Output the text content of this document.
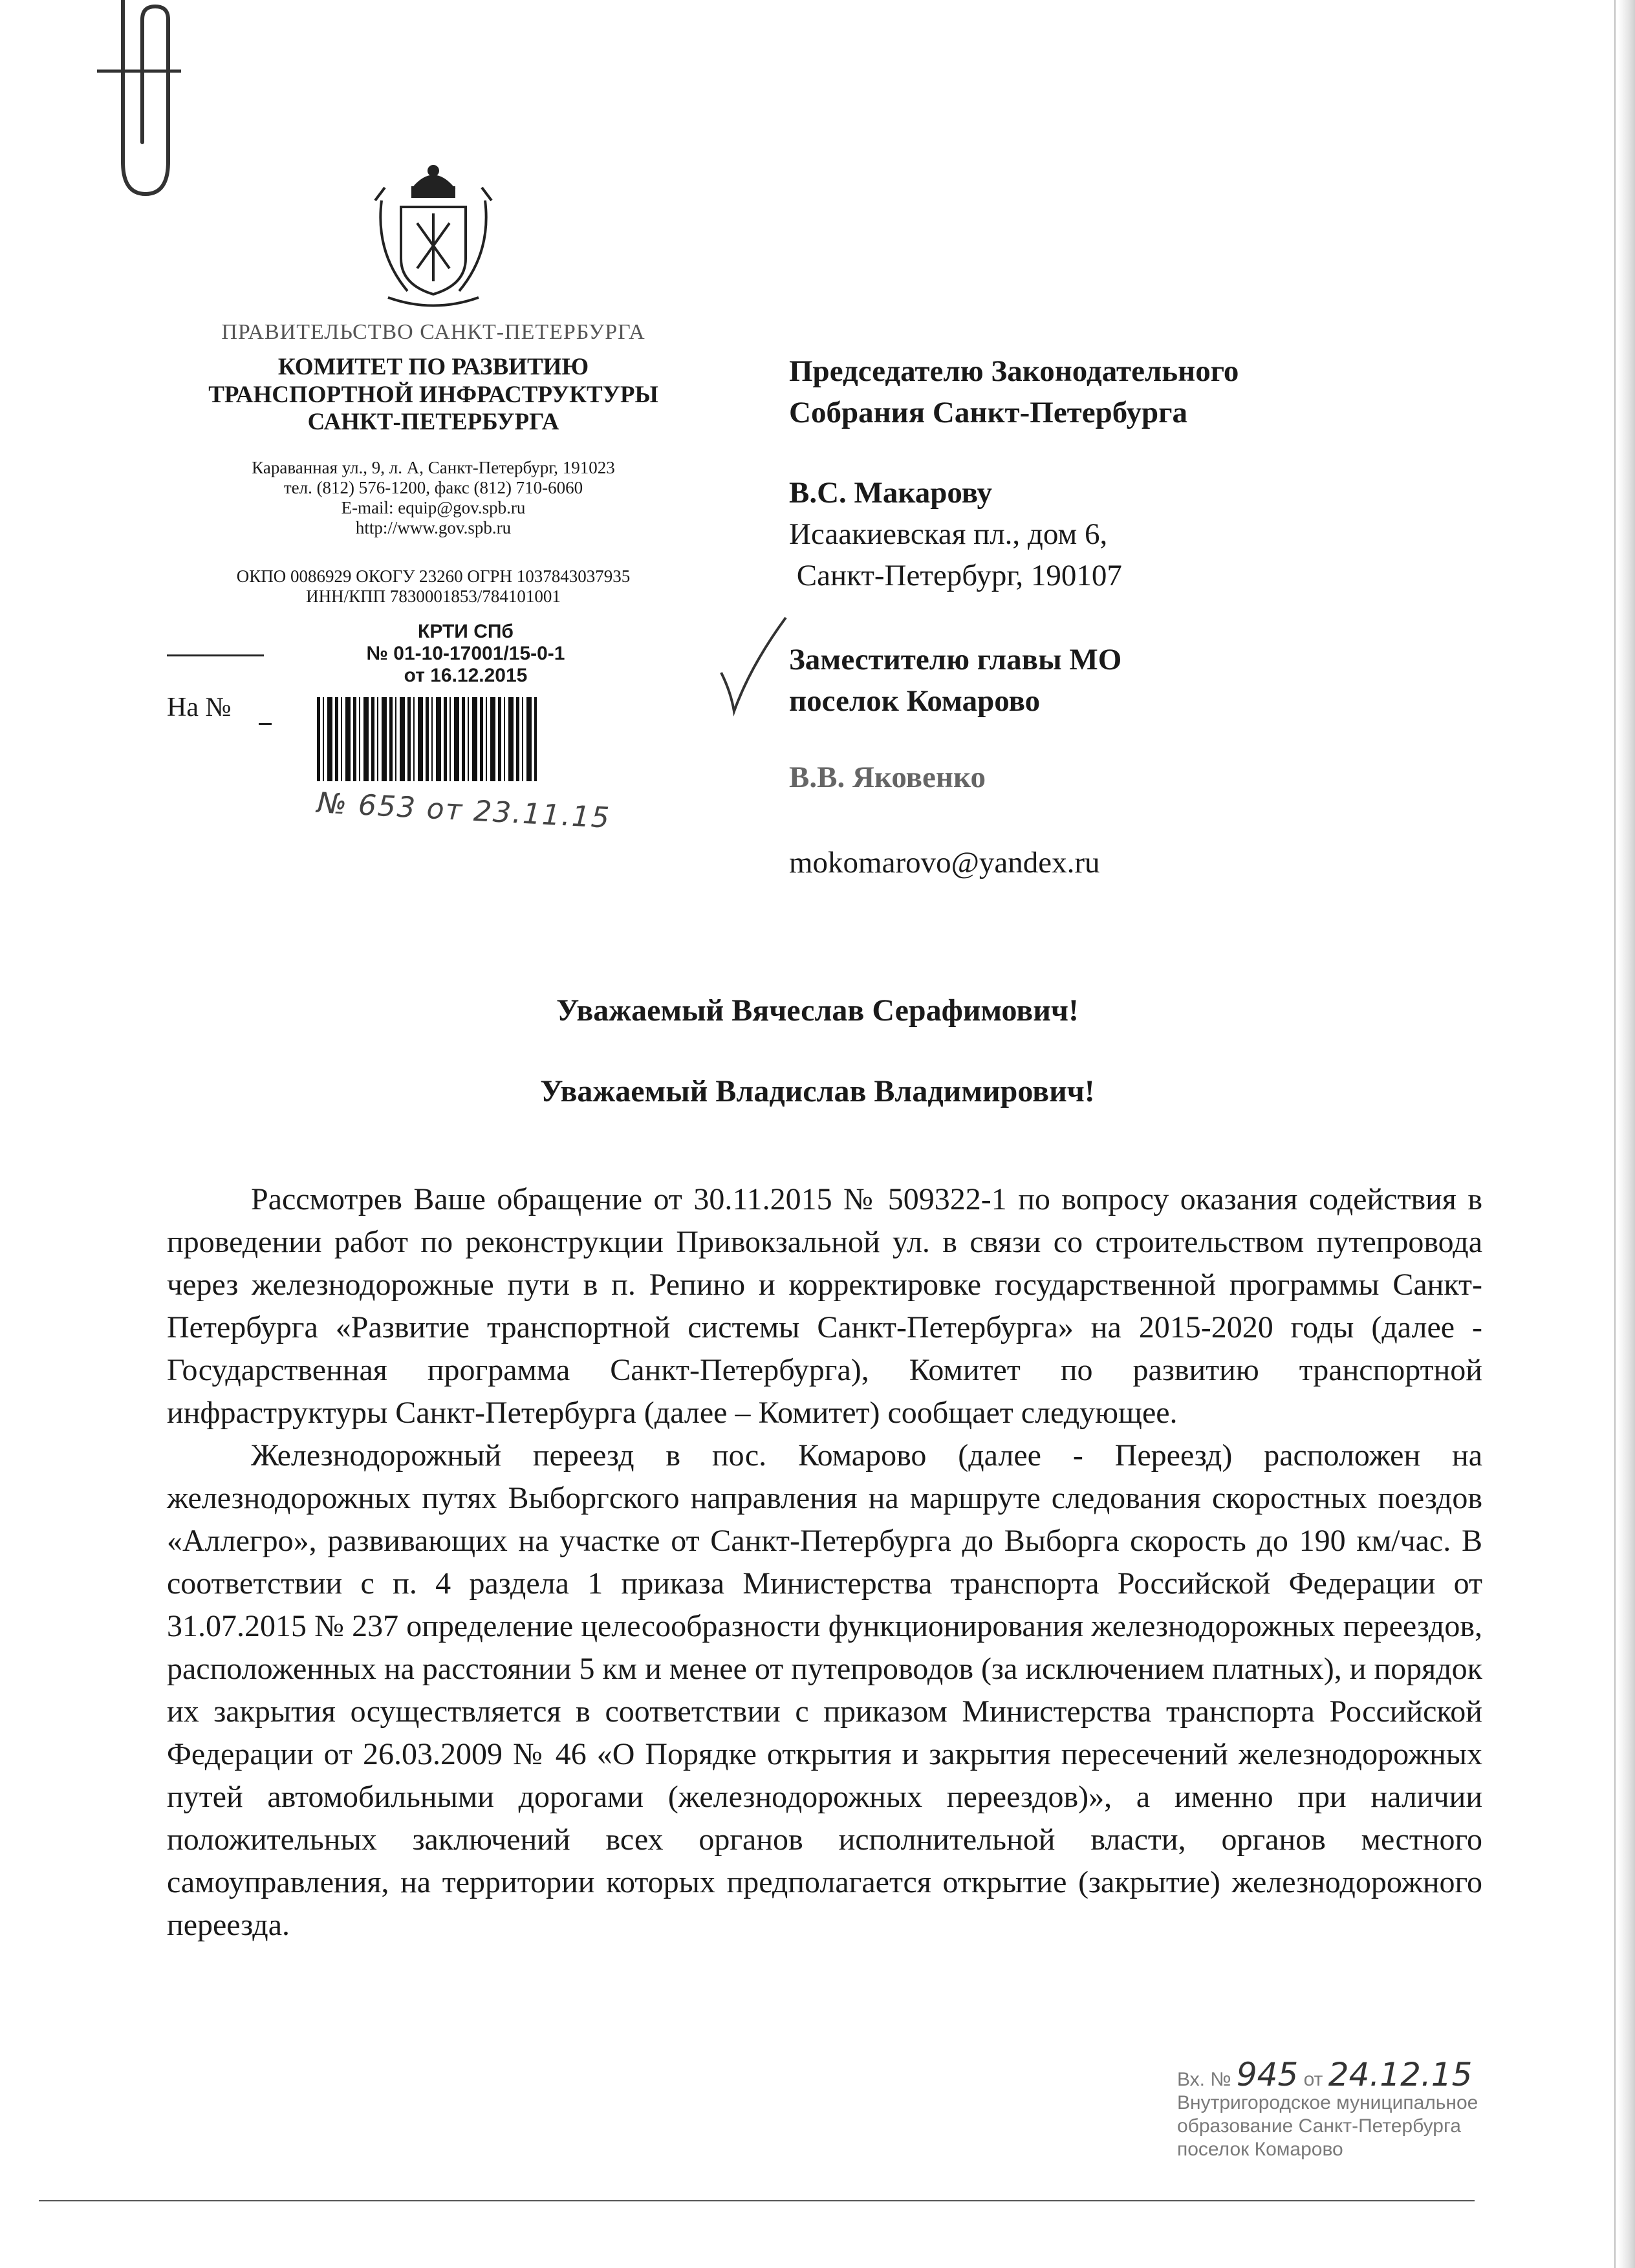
ПРАВИТЕЛЬСТВО САНКТ-ПЕТЕРБУРГА
КОМИТЕТ ПО РАЗВИТИЮ
ТРАНСПОРТНОЙ ИНФРАСТРУКТУРЫ
САНКТ-ПЕТЕРБУРГА
Караванная ул., 9, л. А, Санкт-Петербург, 191023
тел. (812) 576-1200, факс (812) 710-6060
E-mail: equip@gov.spb.ru
http://www.gov.spb.ru
ОКПО 0086929 ОКОГУ 23260 ОГРН 1037843037935
ИНН/КПП 7830001853/784101001
КРТИ СПб
№ 01-10-17001/15-0-1
от 16.12.2015
На №
№ 653 от 23.11.15
Председателю Законодательного
Собрания Санкт-Петербурга
В.С. Макарову
Исаакиевская пл., дом 6,
Санкт-Петербург, 190107
Заместителю главы МО
поселок Комарово
В.В. Яковенко
mokomarovo@yandex.ru
Уважаемый Вячеслав Серафимович!
Уважаемый Владислав Владимирович!

Рассмотрев Ваше обращение от 30.11.2015 № 509322-1 по вопросу оказания содействия в проведении работ по реконструкции Привокзальной ул. в связи со строительством путепровода через железнодорожные пути в п. Репино и корректировке государственной программы Санкт-Петербурга «Развитие транспортной системы Санкт-Петербурга» на 2015-2020 годы (далее - Государственная программа Санкт-Петербурга), Комитет по развитию транспортной инфраструктуры Санкт-Петербурга (далее – Комитет) сообщает следующее.

Железнодорожный переезд в пос. Комарово (далее - Переезд) расположен на железнодорожных путях Выборгского направления на маршруте следования скоростных поездов «Аллегро», развивающих на участке от Санкт-Петербурга до Выборга скорость до 190 км/час. В соответствии с п. 4 раздела 1 приказа Министерства транспорта Российской Федерации от 31.07.2015 № 237 определение целесообразности функционирования железнодорожных переездов, расположенных на расстоянии 5 км и менее от путепроводов (за исключением платных), и порядок их закрытия осуществляется в соответствии с приказом Министерства транспорта Российской Федерации от 26.03.2009 № 46 «О Порядке открытия и закрытия пересечений железнодорожных путей автомобильными дорогами (железнодорожных переездов)», а именно при наличии положительных заключений всех органов исполнительной власти, органов местного самоуправления, на территории которых предполагается открытие (закрытие) железнодорожного переезда.

Вх. № 945 от 24.12.15
Внутригородское муниципальное
образование Санкт-Петербурга
поселок Комарово
